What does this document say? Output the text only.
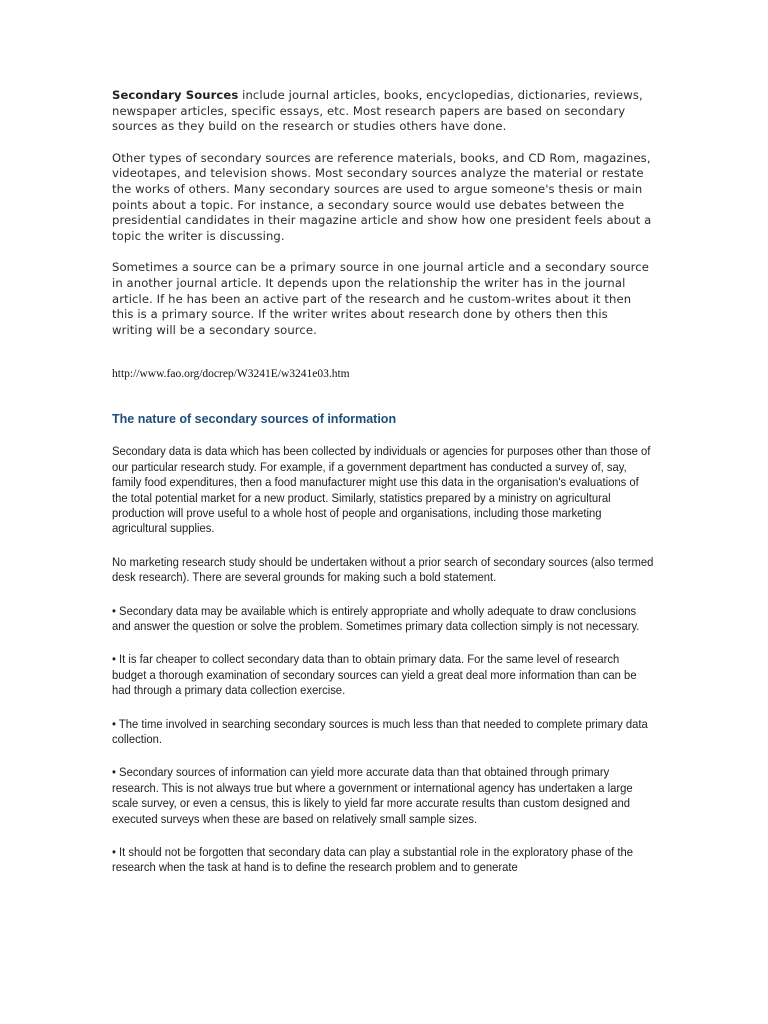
Secondary Sources include journal articles, books, encyclopedias, dictionaries, reviews, newspaper articles, specific essays, etc. Most research papers are based on secondary sources as they build on the research or studies others have done.

Other types of secondary sources are reference materials, books, and CD Rom, magazines, videotapes, and television shows. Most secondary sources analyze the material or restate the works of others. Many secondary sources are used to argue someone's thesis or main points about a topic. For instance, a secondary source would use debates between the presidential candidates in their magazine article and show how one president feels about a topic the writer is discussing.

Sometimes a source can be a primary source in one journal article and a secondary source in another journal article. It depends upon the relationship the writer has in the journal article. If he has been an active part of the research and he custom-writes about it then this is a primary source. If the writer writes about research done by others then this writing will be a secondary source.

http://www.fao.org/docrep/W3241E/w3241e03.htm
The nature of secondary sources of information

Secondary data is data which has been collected by individuals or agencies for purposes other than those of our particular research study. For example, if a government department has conducted a survey of, say, family food expenditures, then a food manufacturer might use this data in the organisation's evaluations of the total potential market for a new product. Similarly, statistics prepared by a ministry on agricultural production will prove useful to a whole host of people and organisations, including those marketing agricultural supplies.

No marketing research study should be undertaken without a prior search of secondary sources (also termed desk research). There are several grounds for making such a bold statement.

• Secondary data may be available which is entirely appropriate and wholly adequate to draw conclusions and answer the question or solve the problem. Sometimes primary data collection simply is not necessary.

• It is far cheaper to collect secondary data than to obtain primary data. For the same level of research budget a thorough examination of secondary sources can yield a great deal more information than can be had through a primary data collection exercise.

• The time involved in searching secondary sources is much less than that needed to complete primary data collection.

• Secondary sources of information can yield more accurate data than that obtained through primary research. This is not always true but where a government or international agency has undertaken a large scale survey, or even a census, this is likely to yield far more accurate results than custom designed and executed surveys when these are based on relatively small sample sizes.

• It should not be forgotten that secondary data can play a substantial role in the exploratory phase of the research when the task at hand is to define the research problem and to generate
